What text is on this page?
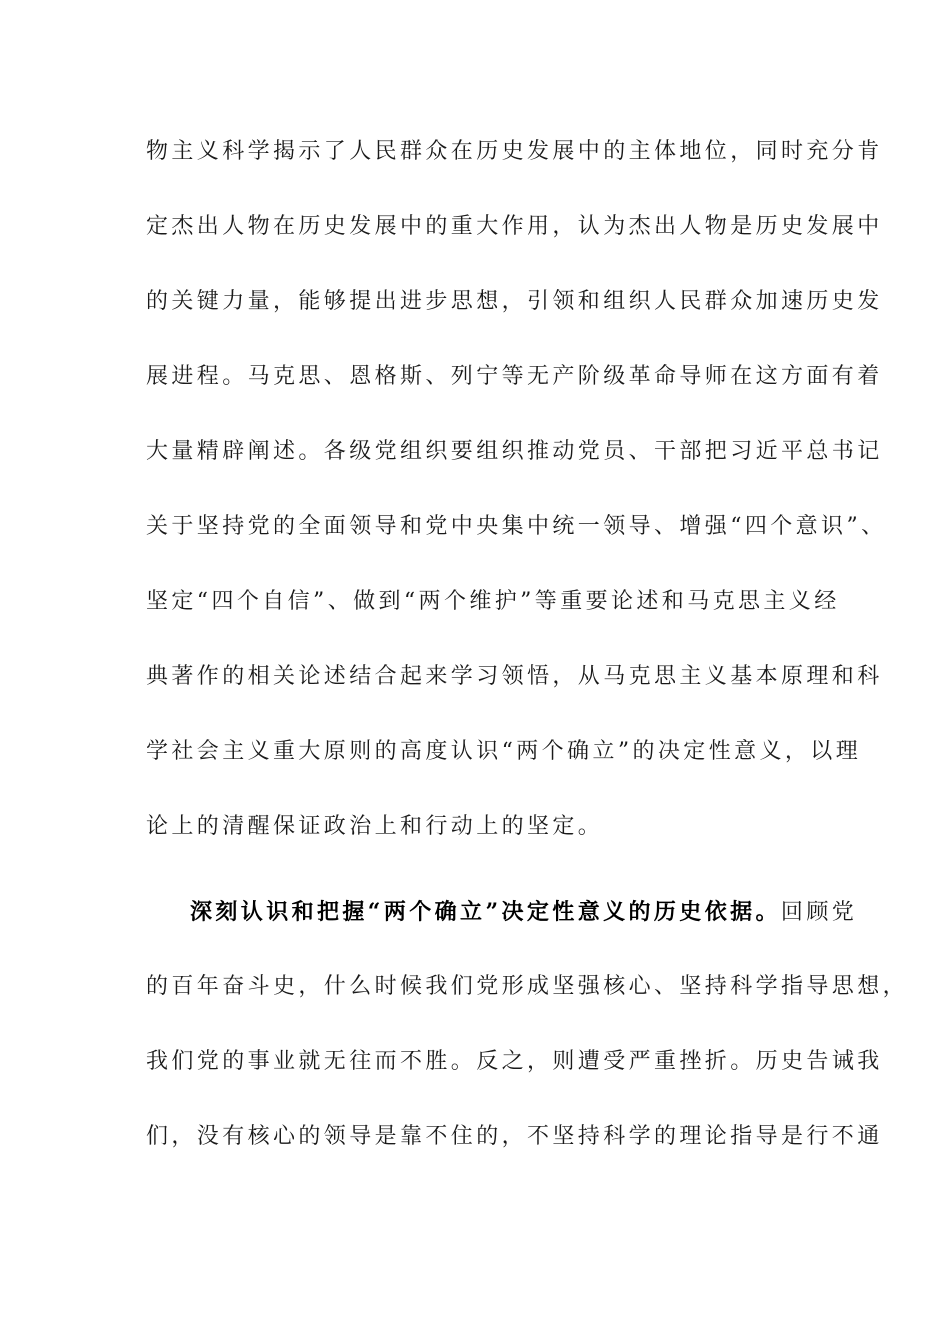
物主义科学揭示了人民群众在历史发展中的主体地位，同时充分肯
定杰出人物在历史发展中的重大作用，认为杰出人物是历史发展中
的关键力量，能够提出进步思想，引领和组织人民群众加速历史发
展进程。马克思、恩格斯、列宁等无产阶级革命导师在这方面有着
大量精辟阐述。各级党组织要组织推动党员、干部把习近平总书记
关于坚持党的全面领导和党中央集中统一领导、增强“四个意识”、
坚定“四个自信”、做到“两个维护”等重要论述和马克思主义经
典著作的相关论述结合起来学习领悟，从马克思主义基本原理和科
学社会主义重大原则的高度认识“两个确立”的决定性意义，以理
论上的清醒保证政治上和行动上的坚定。
深刻认识和把握“两个确立”决定性意义的历史依据。回顾党
的百年奋斗史，什么时候我们党形成坚强核心、坚持科学指导思想，
我们党的事业就无往而不胜。反之，则遭受严重挫折。历史告诫我
们，没有核心的领导是靠不住的，不坚持科学的理论指导是行不通
